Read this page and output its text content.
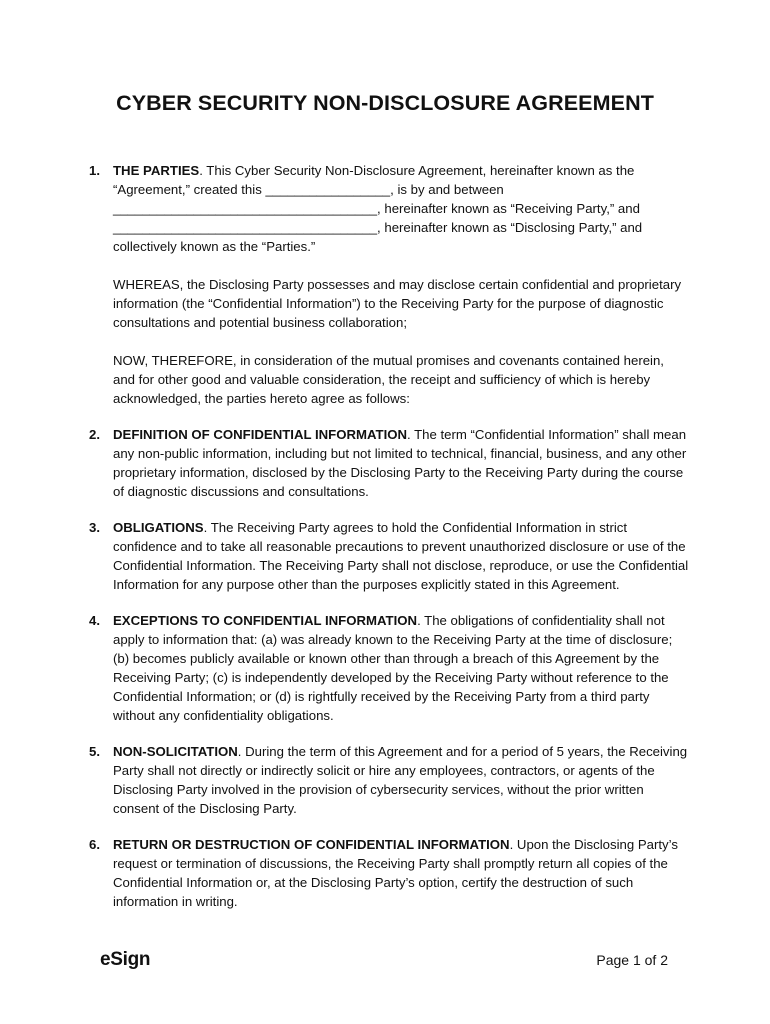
CYBER SECURITY NON-DISCLOSURE AGREEMENT
1. THE PARTIES. This Cyber Security Non-Disclosure Agreement, hereinafter known as the “Agreement,” created this _________________, is by and between ____________________________________, hereinafter known as “Receiving Party,” and ____________________________________, hereinafter known as “Disclosing Party,” and collectively known as the “Parties.”

WHEREAS, the Disclosing Party possesses and may disclose certain confidential and proprietary information (the “Confidential Information”) to the Receiving Party for the purpose of diagnostic consultations and potential business collaboration;

NOW, THEREFORE, in consideration of the mutual promises and covenants contained herein, and for other good and valuable consideration, the receipt and sufficiency of which is hereby acknowledged, the parties hereto agree as follows:

2. DEFINITION OF CONFIDENTIAL INFORMATION. The term “Confidential Information” shall mean any non-public information, including but not limited to technical, financial, business, and any other proprietary information, disclosed by the Disclosing Party to the Receiving Party during the course of diagnostic discussions and consultations.

3. OBLIGATIONS. The Receiving Party agrees to hold the Confidential Information in strict confidence and to take all reasonable precautions to prevent unauthorized disclosure or use of the Confidential Information. The Receiving Party shall not disclose, reproduce, or use the Confidential Information for any purpose other than the purposes explicitly stated in this Agreement.

4. EXCEPTIONS TO CONFIDENTIAL INFORMATION. The obligations of confidentiality shall not apply to information that: (a) was already known to the Receiving Party at the time of disclosure; (b) becomes publicly available or known other than through a breach of this Agreement by the Receiving Party; (c) is independently developed by the Receiving Party without reference to the Confidential Information; or (d) is rightfully received by the Receiving Party from a third party without any confidentiality obligations.

5. NON-SOLICITATION. During the term of this Agreement and for a period of 5 years, the Receiving Party shall not directly or indirectly solicit or hire any employees, contractors, or agents of the Disclosing Party involved in the provision of cybersecurity services, without the prior written consent of the Disclosing Party.

6. RETURN OR DESTRUCTION OF CONFIDENTIAL INFORMATION. Upon the Disclosing Party’s request or termination of discussions, the Receiving Party shall promptly return all copies of the Confidential Information or, at the Disclosing Party’s option, certify the destruction of such information in writing.

eSign	Page 1 of 2
